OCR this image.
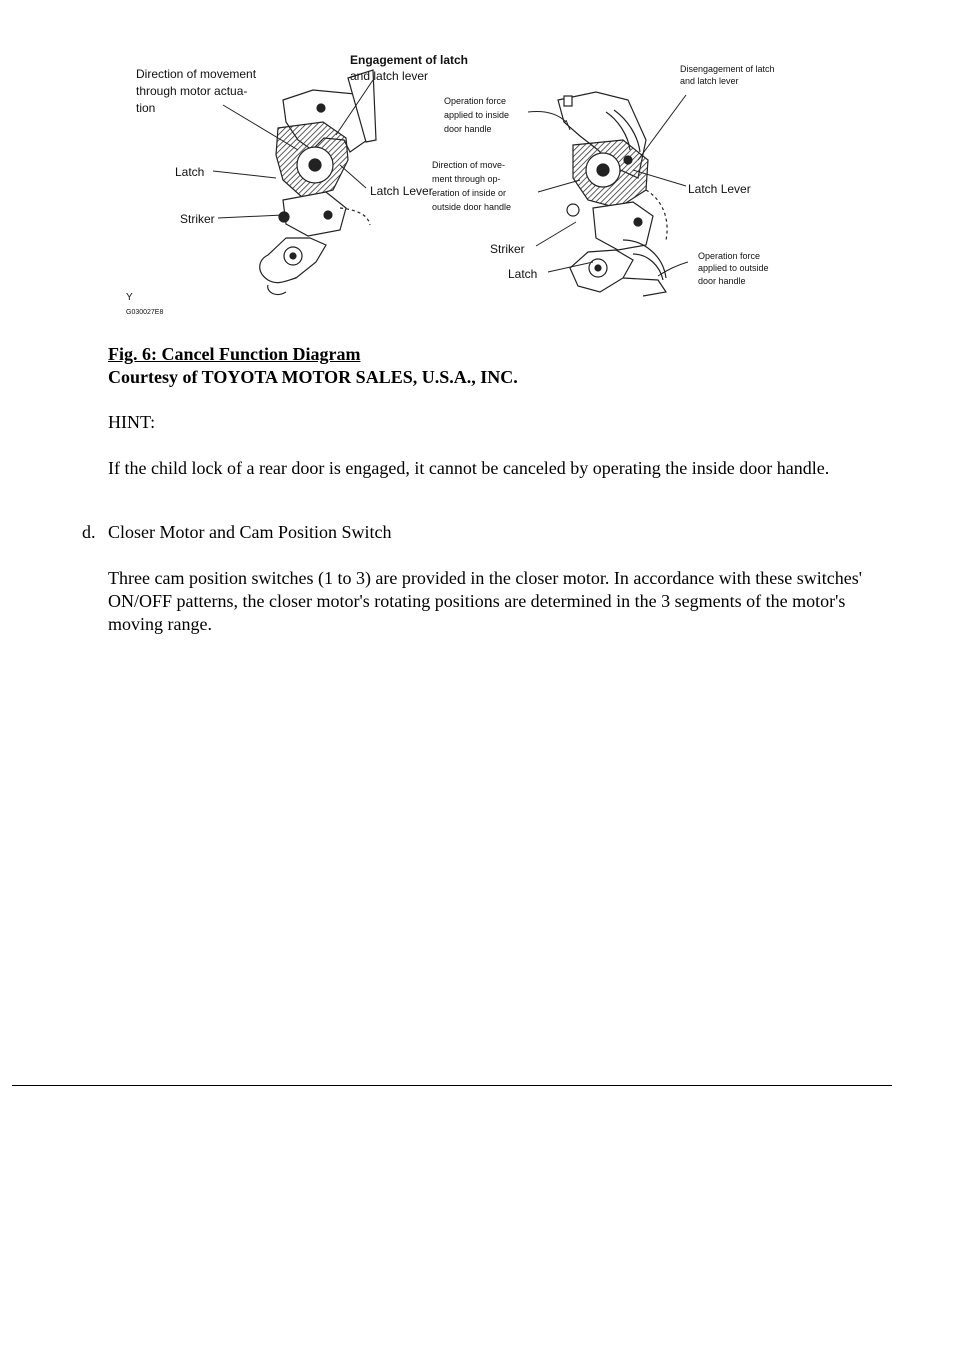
Direction of movement
through motor actua-
tion
Engagement of latch
and latch lever
Latch
Latch Lever
Striker
Disengagement of latch
and latch lever
Operation force
applied to inside
door handle
Direction of move-
ment through op-
eration of inside or
outside door handle
Operation force
applied to outside
door handle
Latch Lever
Striker
Latch
Y
G030027E8
Fig. 6: Cancel Function Diagram
Courtesy of TOYOTA MOTOR SALES, U.S.A., INC.
HINT:
If the child lock of a rear door is engaged, it cannot be canceled by operating the inside door handle.
d. Closer Motor and Cam Position Switch
Three cam position switches (1 to 3) are provided in the closer motor. In accordance with these switches' ON/OFF patterns, the closer motor's rotating positions are determined in the 3 segments of the motor's moving range.
